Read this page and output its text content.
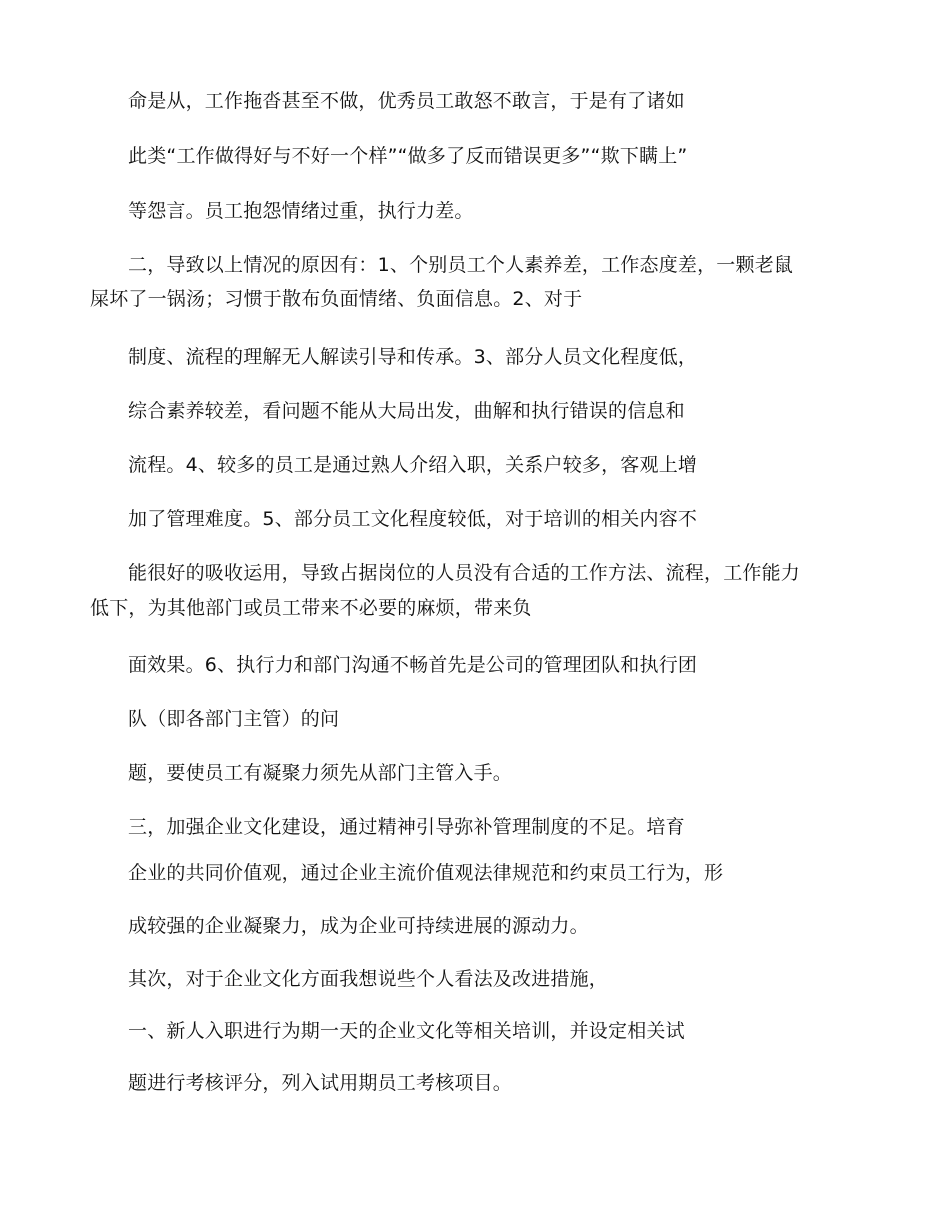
命是从，工作拖沓甚至不做，优秀员工敢怒不敢言，于是有了诸如

此类“工作做得好与不好一个样”“做多了反而错误更多”“欺下瞒上”

等怨言。员工抱怨情绪过重，执行力差。

二，导致以上情况的原因有：1、个别员工个人素养差，工作态度差，一颗老鼠

屎坏了一锅汤；习惯于散布负面情绪、负面信息。2、对于

制度、流程的理解无人解读引导和传承。3、部分人员文化程度低，

综合素养较差，看问题不能从大局出发，曲解和执行错误的信息和

流程。4、较多的员工是通过熟人介绍入职，关系户较多，客观上增

加了管理难度。5、部分员工文化程度较低，对于培训的相关内容不

能很好的吸收运用，导致占据岗位的人员没有合适的工作方法、流程，工作能力

低下，为其他部门或员工带来不必要的麻烦，带来负

面效果。6、执行力和部门沟通不畅首先是公司的管理团队和执行团

队（即各部门主管）的问

题，要使员工有凝聚力须先从部门主管入手。

三，加强企业文化建设，通过精神引导弥补管理制度的不足。培育

企业的共同价值观，通过企业主流价值观法律规范和约束员工行为，形

成较强的企业凝聚力，成为企业可持续进展的源动力。

其次，对于企业文化方面我想说些个人看法及改进措施，

一、新人入职进行为期一天的企业文化等相关培训，并设定相关试

题进行考核评分，列入试用期员工考核项目。
